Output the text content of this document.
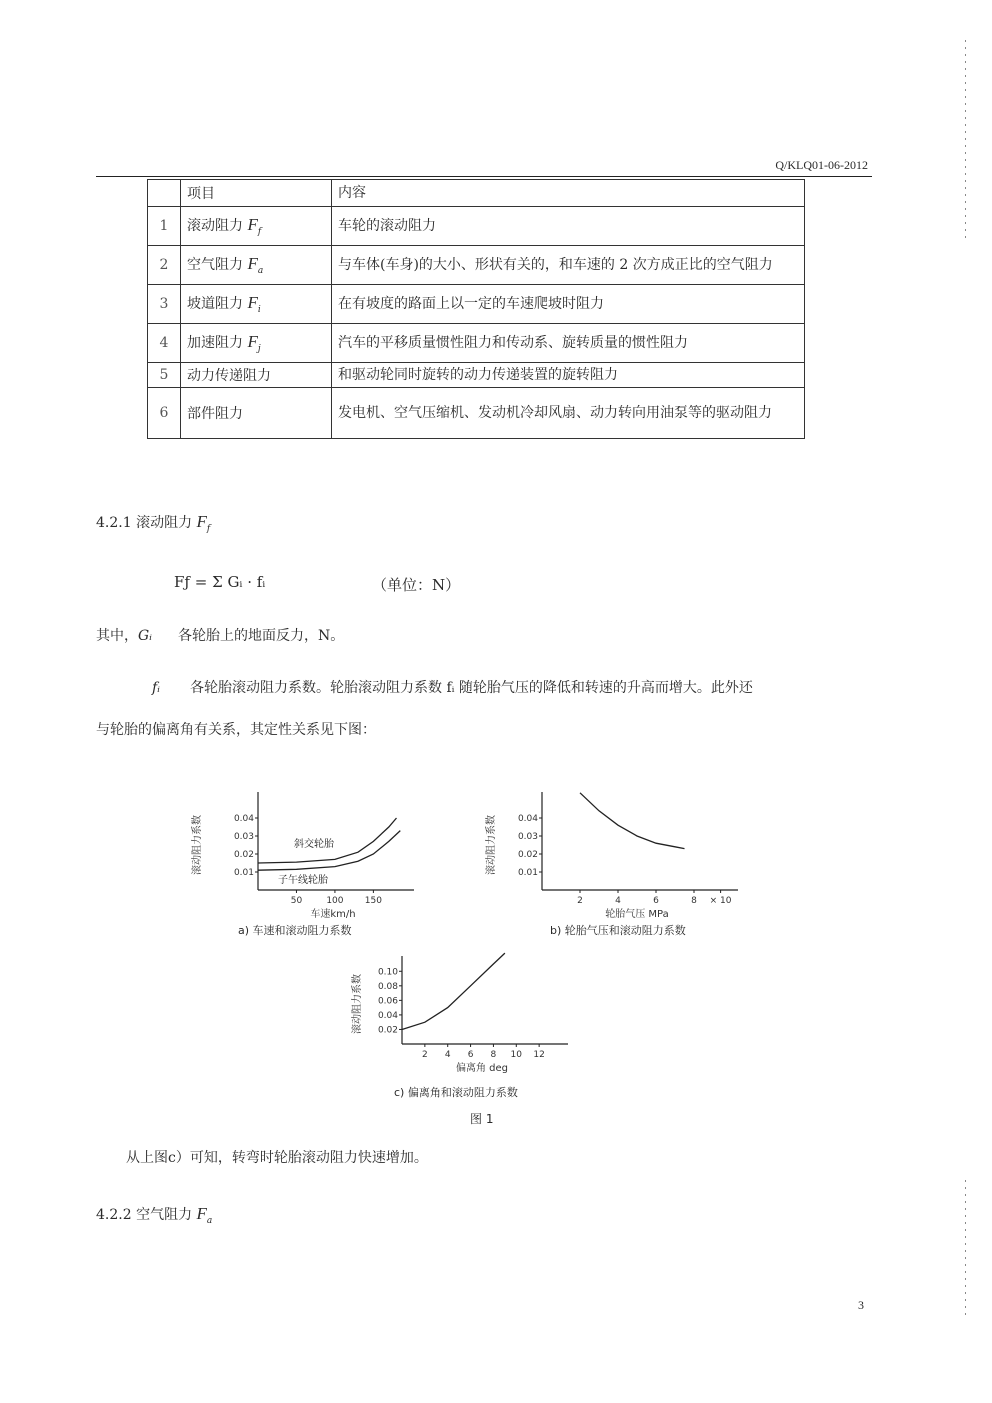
Q/KLQ01-06-2012
	项目	内容
1	滚动阻力 $F_f$	车轮的滚动阻力
2	空气阻力 $F_a$	与车体(车身)的大小、形状有关的，和车速的 2 次方成正比的空气阻力
3	坡道阻力 $F_i$	在有坡度的路面上以一定的车速爬坡时阻力
4	加速阻力 $F_j$	汽车的平移质量惯性阻力和传动系、旋转质量的惯性阻力
5	动力传递阻力	和驱动轮同时旋转的动力传递装置的旋转阻力
6	部件阻力	发电机、空气压缩机、发动机冷却风扇、动力转向用油泵等的驱动阻力
4.2.1 滚动阻力 $F_f$
Fƒ = Σ Gᵢ · fᵢ	（单位：N）
其中，Gᵢ 各轮胎上的地面反力，N。
fᵢ 各轮胎滚动阻力系数。轮胎滚动阻力系数 fᵢ 随轮胎气压的降低和转速的升高而增大。此外还
与轮胎的偏离角有关系，其定性关系见下图：
0.01
0.02
0.03
0.04
50	100 150
滚动阻力系数
车速km/h
斜交轮胎
子午线轮胎
a) 车速和滚动阻力系数
0.01
0.02
0.03
0.04
2	4	6	8 × 10
滚动阻力系数
轮胎气压 MPa
b) 轮胎气压和滚动阻力系数
0.02
0.04
0.06
0.08
0.10
2 4 6 8 10 12
滚动阻力系数
偏离角 deg
c) 偏离角和滚动阻力系数
图 1
从上图c）可知，转弯时轮胎滚动阻力快速增加。
4.2.2 空气阻力 $F_a$
3
